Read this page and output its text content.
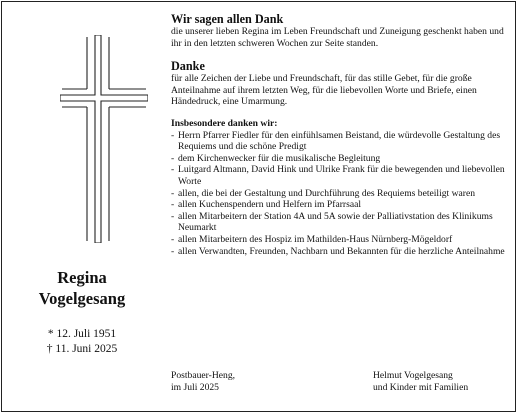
Regina
Vogelgesang
* 12. Juli 1951
† 11. Juni 2025
Wir sagen allen Dank

die unserer lieben Regina im Leben Freundschaft und Zuneigung geschenkt haben und ihr in den letzten schweren Wochen zur Seite standen.

Danke

für alle Zeichen der Liebe und Freundschaft, für das stille Gebet, für die große Anteilnahme auf ihrem letzten Weg, für die liebevollen Worte und Briefe, einen Händedruck, eine Umarmung.

Insbesondere danken wir:
- Herrn Pfarrer Fiedler für den einfühlsamen Beistand, die würdevolle Gestaltung des Requiems und die schöne Predigt
- dem Kirchenwecker für die musikalische Begleitung
- Luitgard Altmann, David Hink und Ulrike Frank für die bewegenden und liebevollen Worte
- allen, die bei der Gestaltung und Durchführung des Requiems beteiligt waren
- allen Kuchenspendern und Helfern im Pfarrsaal
- allen Mitarbeitern der Station 4A und 5A sowie der Palliativstation des Klinikums Neumarkt
- allen Mitarbeitern des Hospiz im Mathilden-Haus Nürnberg-Mögeldorf
- allen Verwandten, Freunden, Nachbarn und Bekannten für die herzliche Anteilnahme
Postbauer-Heng,
im Juli 2025
Helmut Vogelgesang
und Kinder mit Familien
